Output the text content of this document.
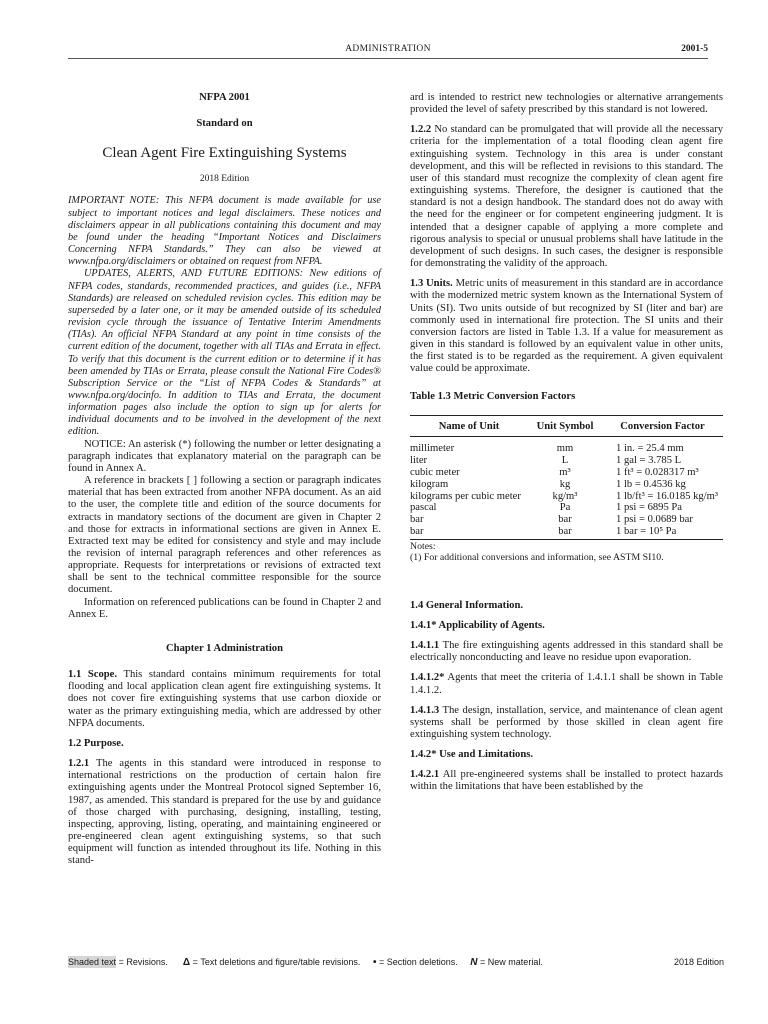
ADMINISTRATION	2001-5

NFPA 2001

Standard on

Clean Agent Fire Extinguishing Systems

2018 Edition

IMPORTANT NOTE: This NFPA document is made available for use subject to important notices and legal disclaimers. These notices and disclaimers appear in all publications containing this document and may be found under the heading “Important Notices and Disclaimers Concerning NFPA Standards.” They can also be viewed at www.nfpa.org/disclaimers or obtained on request from NFPA.

UPDATES, ALERTS, AND FUTURE EDITIONS: New editions of NFPA codes, standards, recommended practices, and guides (i.e., NFPA Standards) are released on scheduled revision cycles. This edition may be superseded by a later one, or it may be amended outside of its scheduled revision cycle through the issuance of Tentative Interim Amendments (TIAs). An official NFPA Standard at any point in time consists of the current edition of the document, together with all TIAs and Errata in effect. To verify that this document is the current edition or to determine if it has been amended by TIAs or Errata, please consult the National Fire Codes® Subscription Service or the “List of NFPA Codes & Standards” at www.nfpa.org/docinfo. In addition to TIAs and Errata, the document information pages also include the option to sign up for alerts for individual documents and to be involved in the development of the next edition.

NOTICE: An asterisk (*) following the number or letter designating a paragraph indicates that explanatory material on the paragraph can be found in Annex A.

A reference in brackets [ ] following a section or paragraph indicates material that has been extracted from another NFPA document. As an aid to the user, the complete title and edition of the source documents for extracts in mandatory sections of the document are given in Chapter 2 and those for extracts in informational sections are given in Annex E. Extracted text may be edited for consistency and style and may include the revision of internal paragraph references and other references as appropriate. Requests for interpretations or revisions of extracted text shall be sent to the technical committee responsible for the source document.

Information on referenced publications can be found in Chapter 2 and Annex E.

Chapter 1 Administration

1.1 Scope. This standard contains minimum requirements for total flooding and local application clean agent fire extinguishing systems. It does not cover fire extinguishing systems that use carbon dioxide or water as the primary extinguishing media, which are addressed by other NFPA documents.

1.2 Purpose.

1.2.1 The agents in this standard were introduced in response to international restrictions on the production of certain halon fire extinguishing agents under the Montreal Protocol signed September 16, 1987, as amended. This standard is prepared for the use by and guidance of those charged with purchasing, designing, installing, testing, inspecting, approving, listing, operating, and maintaining engineered or pre-engineered clean agent extinguishing systems, so that such equipment will function as intended throughout its life. Nothing in this stand-

ard is intended to restrict new technologies or alternative arrangements provided the level of safety prescribed by this standard is not lowered.

1.2.2 No standard can be promulgated that will provide all the necessary criteria for the implementation of a total flooding clean agent fire extinguishing system. Technology in this area is under constant development, and this will be reflected in revisions to this standard. The user of this standard must recognize the complexity of clean agent fire extinguishing systems. Therefore, the designer is cautioned that the standard is not a design handbook. The standard does not do away with the need for the engineer or for competent engineering judgment. It is intended that a designer capable of applying a more complete and rigorous analysis to special or unusual problems shall have latitude in the development of such designs. In such cases, the designer is responsible for demonstrating the validity of the approach.

1.3 Units. Metric units of measurement in this standard are in accordance with the modernized metric system known as the International System of Units (SI). Two units outside of but recognized by SI (liter and bar) are commonly used in international fire protection. The SI units and their conversion factors are listed in Table 1.3. If a value for measurement as given in this standard is followed by an equivalent value in other units, the first stated is to be regarded as the requirement. A given equivalent value could be approximate.

Table 1.3 Metric Conversion Factors

Name of Unit	Unit Symbol	Conversion Factor
millimeter	mm	1 in. = 25.4 mm
liter	L	1 gal = 3.785 L
cubic meter	m³	1 ft³ = 0.028317 m³
kilogram	kg	1 lb = 0.4536 kg
kilograms per cubic meter	kg/m³	1 lb/ft³ = 16.0185 kg/m³
pascal	Pa	1 psi = 6895 Pa
bar	bar	1 psi = 0.0689 bar
bar	bar	1 bar = 10⁵ Pa

Notes:

(1) For additional conversions and information, see ASTM SI10.

1.4 General Information.

1.4.1* Applicability of Agents.

1.4.1.1 The fire extinguishing agents addressed in this standard shall be electrically nonconducting and leave no residue upon evaporation.

1.4.1.2* Agents that meet the criteria of 1.4.1.1 shall be shown in Table 1.4.1.2.

1.4.1.3 The design, installation, service, and maintenance of clean agent systems shall be performed by those skilled in clean agent fire extinguishing system technology.

1.4.2* Use and Limitations.

1.4.2.1 All pre-engineered systems shall be installed to protect hazards within the limitations that have been established by the

Shaded text = Revisions. Δ = Text deletions and figure/table revisions. • = Section deletions. N = New material.	2018 Edition
